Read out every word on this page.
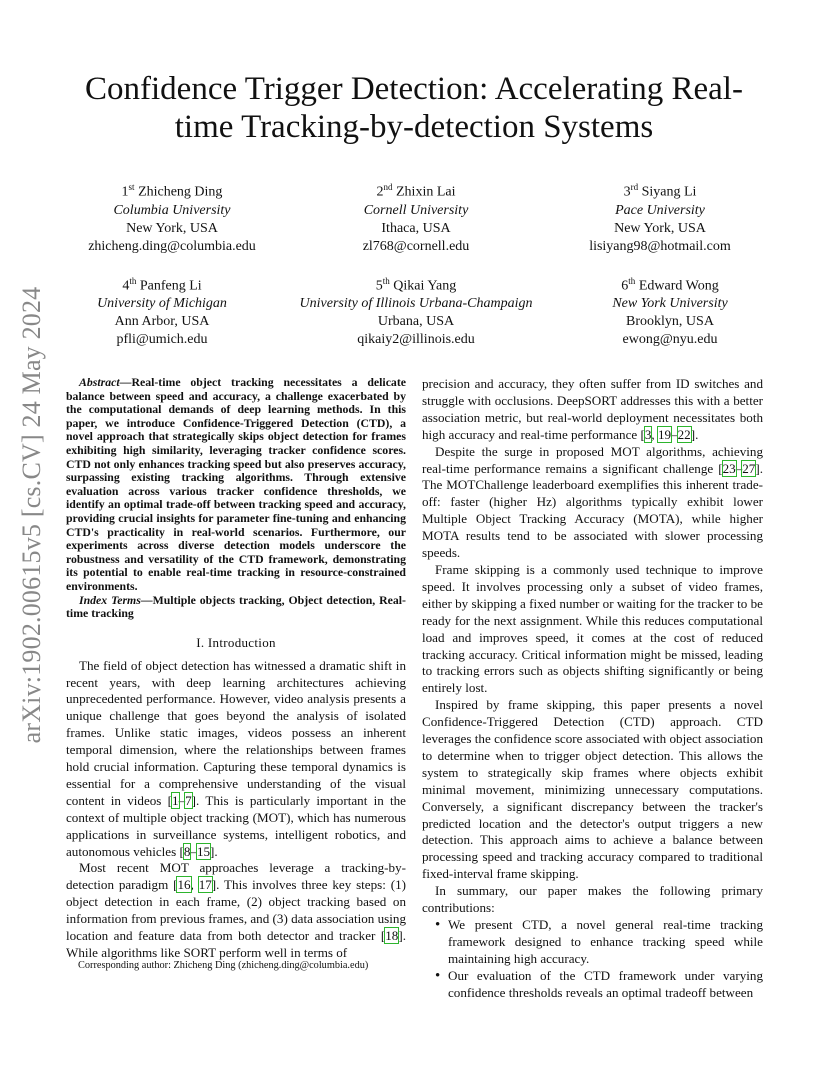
arXiv:1902.00615v5 [cs.CV] 24 May 2024
Confidence Trigger Detection: Accelerating Real-time Tracking-by-detection Systems
1st Zhicheng Ding
Columbia University
New York, USA
zhicheng.ding@columbia.edu
2nd Zhixin Lai
Cornell University
Ithaca, USA
zl768@cornell.edu
3rd Siyang Li
Pace University
New York, USA
lisiyang98@hotmail.com
4th Panfeng Li
University of Michigan
Ann Arbor, USA
pfli@umich.edu
5th Qikai Yang
University of Illinois Urbana-Champaign
Urbana, USA
qikaiy2@illinois.edu
6th Edward Wong
New York University
Brooklyn, USA
ewong@nyu.edu

Abstract—Real-time object tracking necessitates a delicate balance between speed and accuracy, a challenge exacerbated by the computational demands of deep learning methods. In this paper, we introduce Confidence-Triggered Detection (CTD), a novel approach that strategically skips object detection for frames exhibiting high similarity, leveraging tracker confidence scores. CTD not only enhances tracking speed but also preserves accuracy, surpassing existing tracking algorithms. Through extensive evaluation across various tracker confidence thresholds, we identify an optimal trade-off between tracking speed and accuracy, providing crucial insights for parameter fine-tuning and enhancing CTD's practicality in real-world scenarios. Furthermore, our experiments across diverse detection models underscore the robustness and versatility of the CTD framework, demonstrating its potential to enable real-time tracking in resource-constrained environments.

Index Terms—Multiple objects tracking, Object detection, Real-time tracking

I. Introduction

The field of object detection has witnessed a dramatic shift in recent years, with deep learning architectures achieving unprecedented performance. However, video analysis presents a unique challenge that goes beyond the analysis of isolated frames. Unlike static images, videos possess an inherent temporal dimension, where the relationships between frames hold crucial information. Capturing these temporal dynamics is essential for a comprehensive understanding of the visual content in videos [1–7]. This is particularly important in the context of multiple object tracking (MOT), which has numerous applications in surveillance systems, intelligent robotics, and autonomous vehicles [8–15].

Most recent MOT approaches leverage a tracking-by-detection paradigm [16, 17]. This involves three key steps: (1) object detection in each frame, (2) object tracking based on information from previous frames, and (3) data association using location and feature data from both detector and tracker [18]. While algorithms like SORT perform well in terms of

precision and accuracy, they often suffer from ID switches and struggle with occlusions. DeepSORT addresses this with a better association metric, but real-world deployment necessitates both high accuracy and real-time performance [3, 19–22].

Despite the surge in proposed MOT algorithms, achieving real-time performance remains a significant challenge [23–27]. The MOTChallenge leaderboard exemplifies this inherent trade-off: faster (higher Hz) algorithms typically exhibit lower Multiple Object Tracking Accuracy (MOTA), while higher MOTA results tend to be associated with slower processing speeds.

Frame skipping is a commonly used technique to improve speed. It involves processing only a subset of video frames, either by skipping a fixed number or waiting for the tracker to be ready for the next assignment. While this reduces computational load and improves speed, it comes at the cost of reduced tracking accuracy. Critical information might be missed, leading to tracking errors such as objects shifting significantly or being entirely lost.

Inspired by frame skipping, this paper presents a novel Confidence-Triggered Detection (CTD) approach. CTD leverages the confidence score associated with object association to determine when to trigger object detection. This allows the system to strategically skip frames where objects exhibit minimal movement, minimizing unnecessary computations. Conversely, a significant discrepancy between the tracker's predicted location and the detector's output triggers a new detection. This approach aims to achieve a balance between processing speed and tracking accuracy compared to traditional fixed-interval frame skipping.

In summary, our paper makes the following primary contributions:

• We present CTD, a novel general real-time tracking framework designed to enhance tracking speed while maintaining high accuracy.
• Our evaluation of the CTD framework under varying confidence thresholds reveals an optimal tradeoff between
Corresponding author: Zhicheng Ding (zhicheng.ding@columbia.edu)
